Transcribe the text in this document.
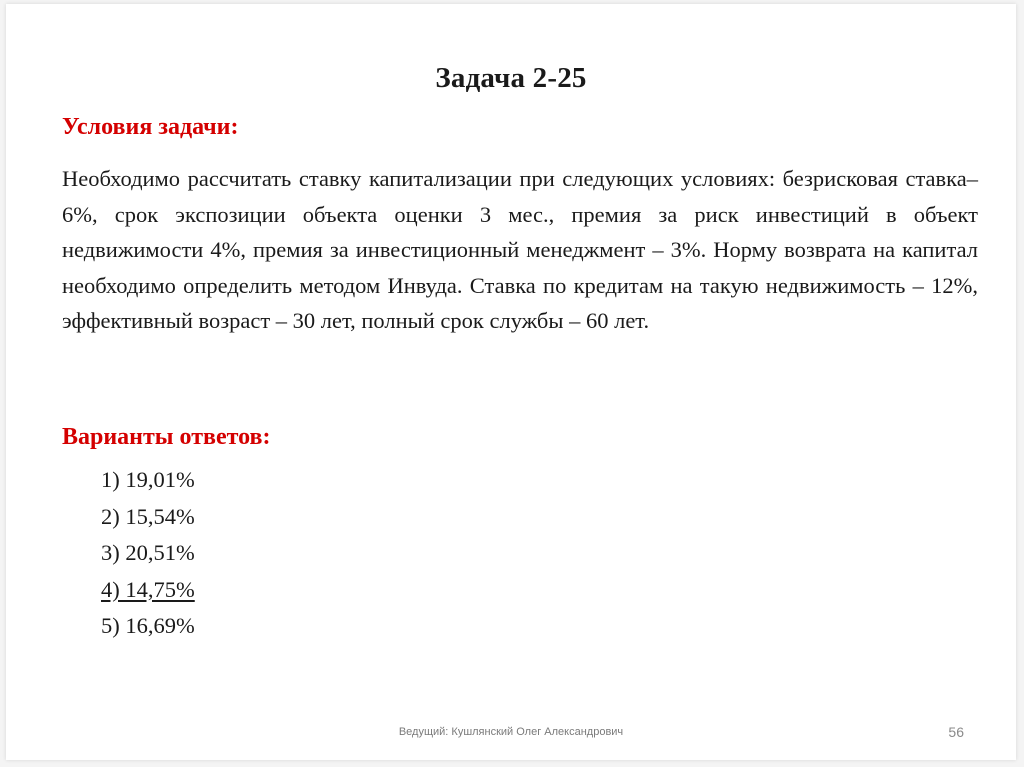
Задача 2-25
Условия задачи:
Необходимо рассчитать ставку капитализации при следующих условиях: безрисковая ставка– 6%, срок экспозиции объекта оценки 3 мес., премия за риск инвестиций в объект недвижимости 4%, премия за инвестиционный менеджмент – 3%. Норму возврата на капитал необходимо определить методом Инвуда. Ставка по кредитам на такую недвижимость – 12%, эффективный возраст – 30 лет, полный срок службы – 60 лет.
Варианты ответов:
1) 19,01%
2) 15,54%
3) 20,51%
4) 14,75%
5) 16,69%
Ведущий: Кушлянский Олег Александрович	56
